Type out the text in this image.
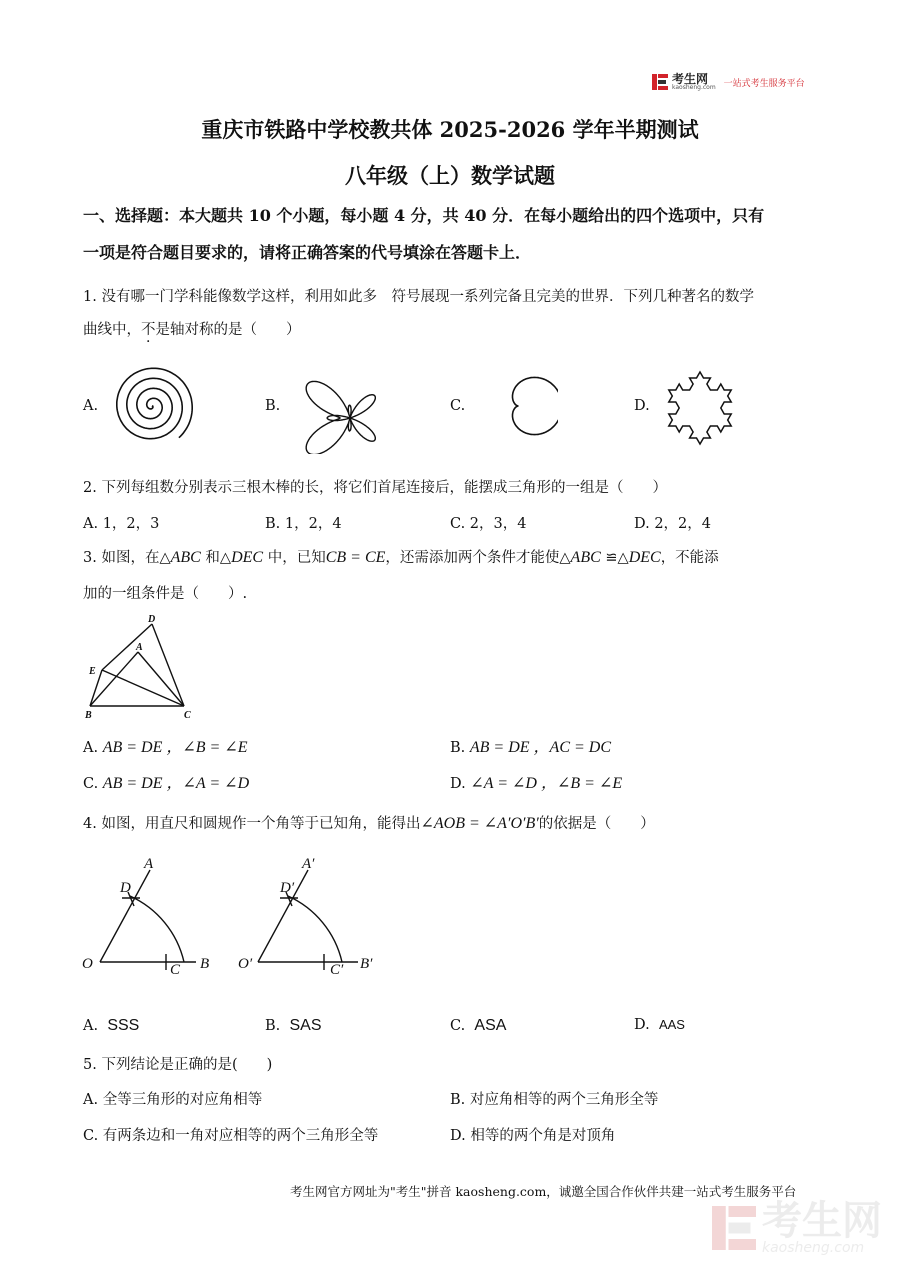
考生网
kaosheng.com 一站式考生服务平台
重庆市铁路中学校教共体 2025-2026 学年半期测试
八年级（上）数学试题
一、选择题：本大题共 10 个小题，每小题 4 分，共 40 分．在每小题给出的四个选项中，只有
一项是符合题目要求的，请将正确答案的代号填涂在答题卡上．
1. 没有哪一门学科能像数学这样，利用如此多　符号展现一系列完备且完美的世界．下列几种著名的数学
曲线中，不是轴对称的是（　　）
A.	B.	C.	D.
2. 下列每组数分别表示三根木棒的长，将它们首尾连接后，能摆成三角形的一组是（　　）
A. 1，2，3	B. 1，2，4	C. 2，3，4	D. 2，2，4
3. 如图，在△ABC 和△DEC 中，已知CB = CE，还需添加两个条件才能使△ABC ≌△DEC，不能添
加的一组条件是（　　）.
D
A
E
B	C
A. AB = DE ，∠B = ∠E	B. AB = DE ，AC = DC
C. AB = DE ，∠A = ∠D	D. ∠A = ∠D ，∠B = ∠E
4. 如图，用直尺和圆规作一个角等于已知角，能得出∠AOB = ∠A′O′B′的依据是（　　）
A
D
O	C B
A′
D′
O′	C′ B′
A. SSS	B. SAS	C. ASA	D. AAS
5. 下列结论是正确的是(　　)
A. 全等三角形的对应角相等	B. 对应角相等的两个三角形全等
C. 有两条边和一角对应相等的两个三角形全等	D. 相等的两个角是对顶角
考生网官方网址为"考生"拼音 kaosheng.com，诚邀全国合作伙伴共建一站式考生服务平台
考生网
kaosheng.com
